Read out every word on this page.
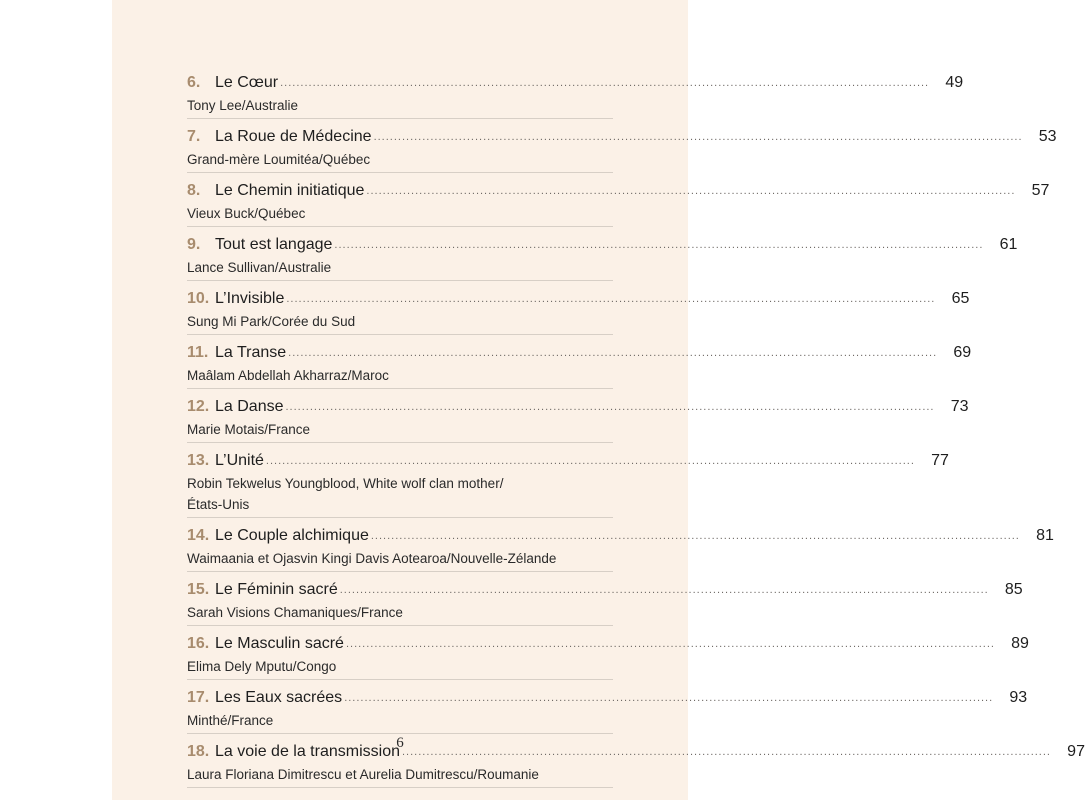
6. Le Cœur ................................................................................................................................................................	49
Tony Lee/Australie
7. La Roue de Médecine ................................................................................................................................................................	53
Grand-mère Loumitéa/Québec
8. Le Chemin initiatique ................................................................................................................................................................	57
Vieux Buck/Québec
9. Tout est langage ................................................................................................................................................................	61
Lance Sullivan/Australie
10. L’Invisible ................................................................................................................................................................	65
Sung Mi Park/Corée du Sud
11. La Transe ................................................................................................................................................................	69
Maâlam Abdellah Akharraz/Maroc
12. La Danse ................................................................................................................................................................	73
Marie Motais/France
13. L’Unité ................................................................................................................................................................	77
Robin Tekwelus Youngblood, White wolf clan mother/
États-Unis
14. Le Couple alchimique ................................................................................................................................................................	81
Waimaania et Ojasvin Kingi Davis Aotearoa/Nouvelle-Zélande
15. Le Féminin sacré ................................................................................................................................................................	85
Sarah Visions Chamaniques/France
16. Le Masculin sacré ................................................................................................................................................................	89
Elima Dely Mputu/Congo
17. Les Eaux sacrées ................................................................................................................................................................	93
Minthé/France
18. La voie de la transmission ................................................................................................................................................................	97
Laura Floriana Dimitrescu et Aurelia Dumitrescu/Roumanie
6
